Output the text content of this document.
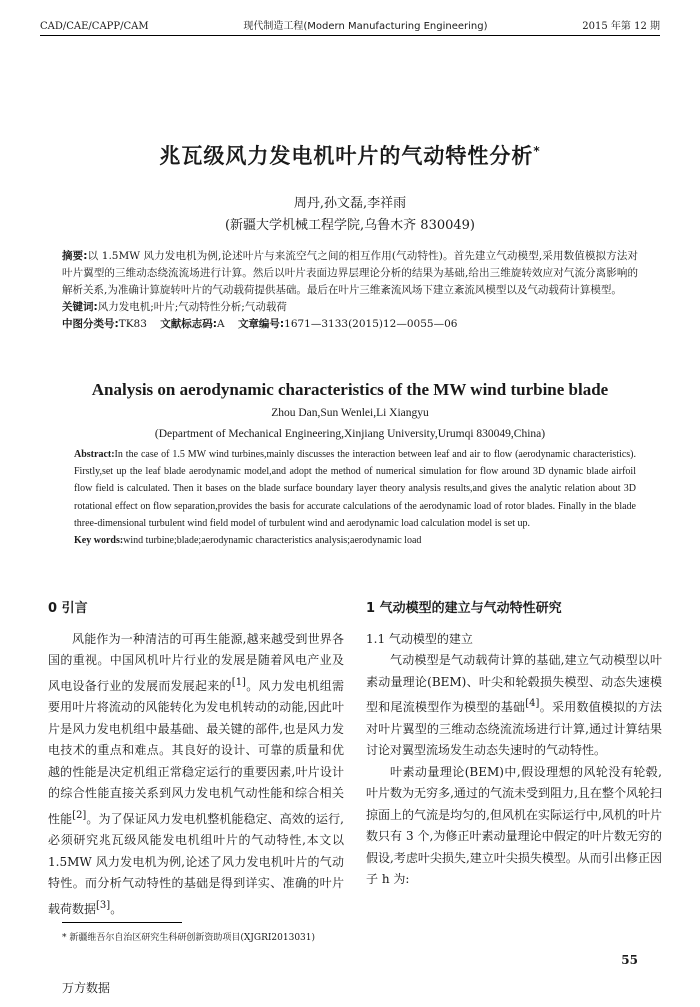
CAD/CAE/CAPP/CAM	现代制造工程(Modern Manufacturing Engineering)	2015 年第 12 期
兆瓦级风力发电机叶片的气动特性分析*
周丹,孙文磊,李祥雨
(新疆大学机械工程学院,乌鲁木齐 830049)
摘要:以 1.5MW 风力发电机为例,论述叶片与来流空气之间的相互作用(气动特性)。首先建立气动模型,采用数值模拟方法对叶片翼型的三维动态绕流流场进行计算。然后以叶片表面边界层理论分析的结果为基础,给出三维旋转效应对气流分离影响的解析关系,为准确计算旋转叶片的气动载荷提供基础。最后在叶片三维紊流风场下建立紊流风模型以及气动载荷计算模型。
关键词:风力发电机;叶片;气动特性分析;气动载荷
中图分类号:TK83 文献标志码:A 文章编号:1671—3133(2015)12—0055—06
Analysis on aerodynamic characteristics of the MW wind turbine blade
Zhou Dan,Sun Wenlei,Li Xiangyu
(Department of Mechanical Engineering,Xinjiang University,Urumqi 830049,China)
Abstract:In the case of 1.5 MW wind turbines,mainly discusses the interaction between leaf and air to flow (aerodynamic characteristics). Firstly,set up the leaf blade aerodynamic model,and adopt the method of numerical simulation for flow around 3D dynamic blade airfoil flow field is calculated. Then it bases on the blade surface boundary layer theory analysis results,and gives the analytic relation about 3D rotational effect on flow separation,provides the basis for accurate calculations of the aerodynamic load of rotor blades. Finally in the blade three-dimensional turbulent wind field model of turbulent wind and aerodynamic load calculation model is set up.
Key words:wind turbine;blade;aerodynamic characteristics analysis;aerodynamic load
0 引言

风能作为一种清洁的可再生能源,越来越受到世界各国的重视。中国风机叶片行业的发展是随着风电产业及风电设备行业的发展而发展起来的[1]。风力发电机组需要用叶片将流动的风能转化为发电机转动的动能,因此叶片是风力发电机组中最基础、最关键的部件,也是风力发电技术的重点和难点。其良好的设计、可靠的质量和优越的性能是决定机组正常稳定运行的重要因素,叶片设计的综合性能直接关系到风力发电机气动性能和综合相关性能[2]。为了保证风力发电机整机能稳定、高效的运行,必须研究兆瓦级风能发电机组叶片的气动特性,本文以 1.5MW 风力发电机为例,论述了风力发电机叶片的气动特性。而分析气动特性的基础是得到详实、准确的叶片载荷数据[3]。

1 气动模型的建立与气动特性研究
1.1 气动模型的建立

气动模型是气动载荷计算的基础,建立气动模型以叶素动量理论(BEM)、叶尖和轮毂损失模型、动态失速模型和尾流模型作为模型的基础[4]。采用数值模拟的方法对叶片翼型的三维动态绕流流场进行计算,通过计算结果讨论对翼型流场发生动态失速时的气动特性。

叶素动量理论(BEM)中,假设理想的风轮没有轮毂,叶片数为无穷多,通过的气流未受到阻力,且在整个风轮扫掠面上的气流是均匀的,但风机在实际运行中,风机的叶片数只有 3 个,为修正叶素动量理论中假定的叶片数无穷的假设,考虑叶尖损失,建立叶尖损失模型。从而引出修正因子 h 为:

* 新疆维吾尔自治区研究生科研创新资助项目(XJGRI2013031)
55
万方数据
